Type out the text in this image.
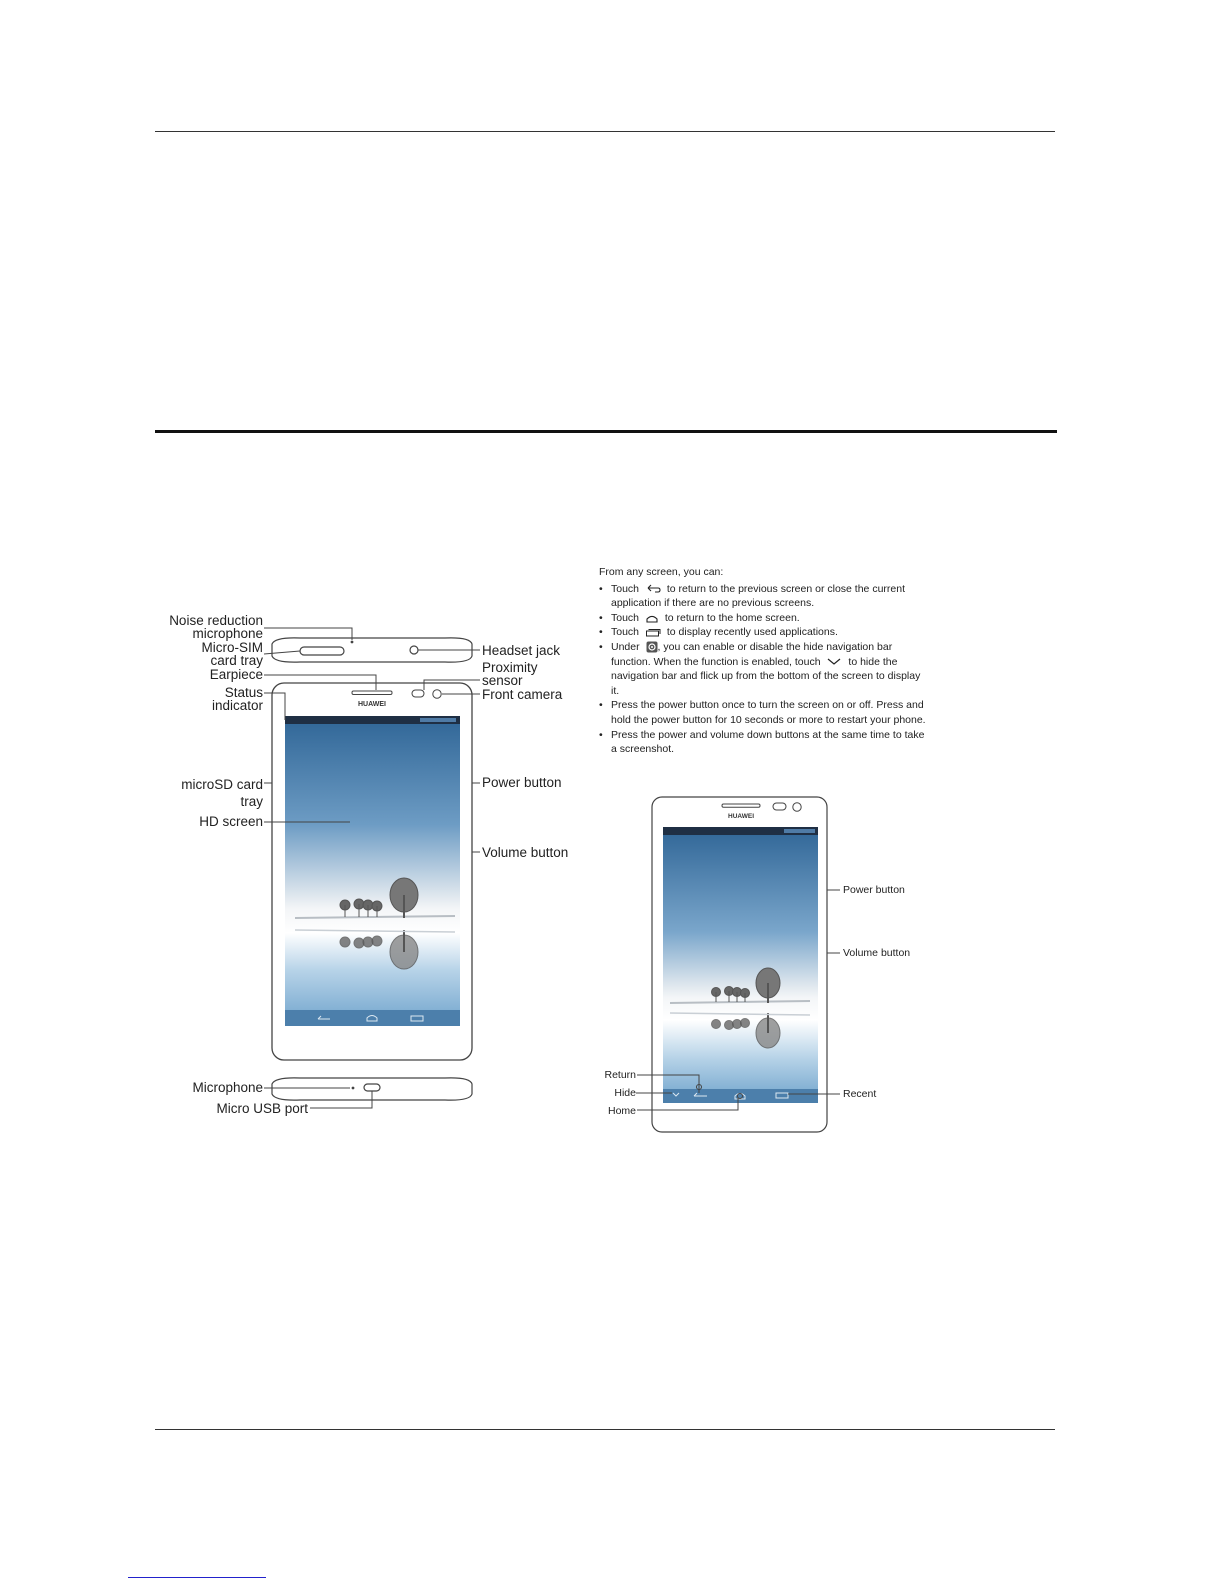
HUAWEI
Noise reduction
microphone
Micro-SIM
card tray
Headset jack
Proximity
sensor
Earpiece
Front camera
Status
indicator
microSD card
tray
Power button
HD screen
Volume button
Microphone
Micro USB port

From any screen, you can:

• Touch	to return to the previous screen or close the current application if there are no previous screens.
• Touch to return to the home screen.
• Touch	to display recently used applications.
• Under , you can enable or disable the hide navigation bar function. When the function is enabled, touch	to hide the navigation bar and flick up from the bottom of the screen to display it.
• Press the power button once to turn the screen on or off. Press and hold the power button for 10 seconds or more to restart your phone.
• Press the power and volume down buttons at the same time to take a screenshot.
HUAWEI
Power button
Volume button
Return
Hide
Home
Recent
